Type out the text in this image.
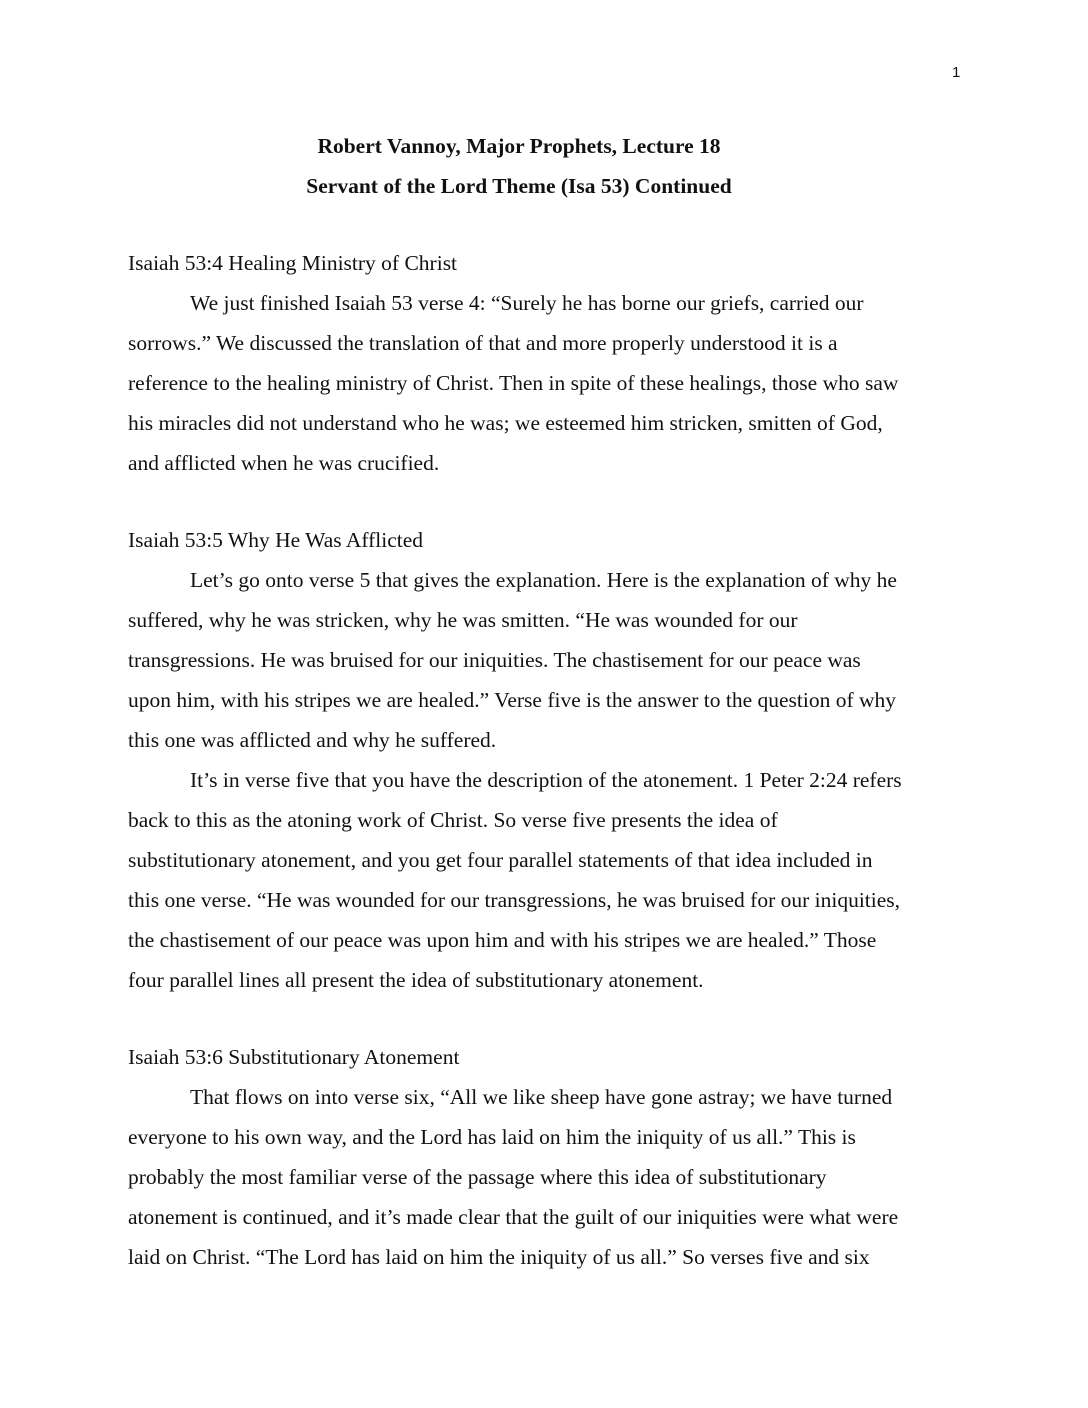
1

Robert Vannoy, Major Prophets, Lecture 18

Servant of the Lord Theme (Isa 53) Continued

Isaiah 53:4 Healing Ministry of Christ

We just finished Isaiah 53 verse 4: “Surely he has borne our griefs, carried our
sorrows.” We discussed the translation of that and more properly understood it is a
reference to the healing ministry of Christ. Then in spite of these healings, those who saw
his miracles did not understand who he was; we esteemed him stricken, smitten of God,
and afflicted when he was crucified.

Isaiah 53:5 Why He Was Afflicted

Let’s go onto verse 5 that gives the explanation. Here is the explanation of why he
suffered, why he was stricken, why he was smitten. “He was wounded for our
transgressions. He was bruised for our iniquities. The chastisement for our peace was
upon him, with his stripes we are healed.” Verse five is the answer to the question of why
this one was afflicted and why he suffered.
It’s in verse five that you have the description of the atonement. 1 Peter 2:24 refers
back to this as the atoning work of Christ. So verse five presents the idea of
substitutionary atonement, and you get four parallel statements of that idea included in
this one verse. “He was wounded for our transgressions, he was bruised for our iniquities,
the chastisement of our peace was upon him and with his stripes we are healed.” Those
four parallel lines all present the idea of substitutionary atonement.

Isaiah 53:6 Substitutionary Atonement

That flows on into verse six, “All we like sheep have gone astray; we have turned
everyone to his own way, and the Lord has laid on him the iniquity of us all.” This is
probably the most familiar verse of the passage where this idea of substitutionary
atonement is continued, and it’s made clear that the guilt of our iniquities were what were
laid on Christ. “The Lord has laid on him the iniquity of us all.” So verses five and six
